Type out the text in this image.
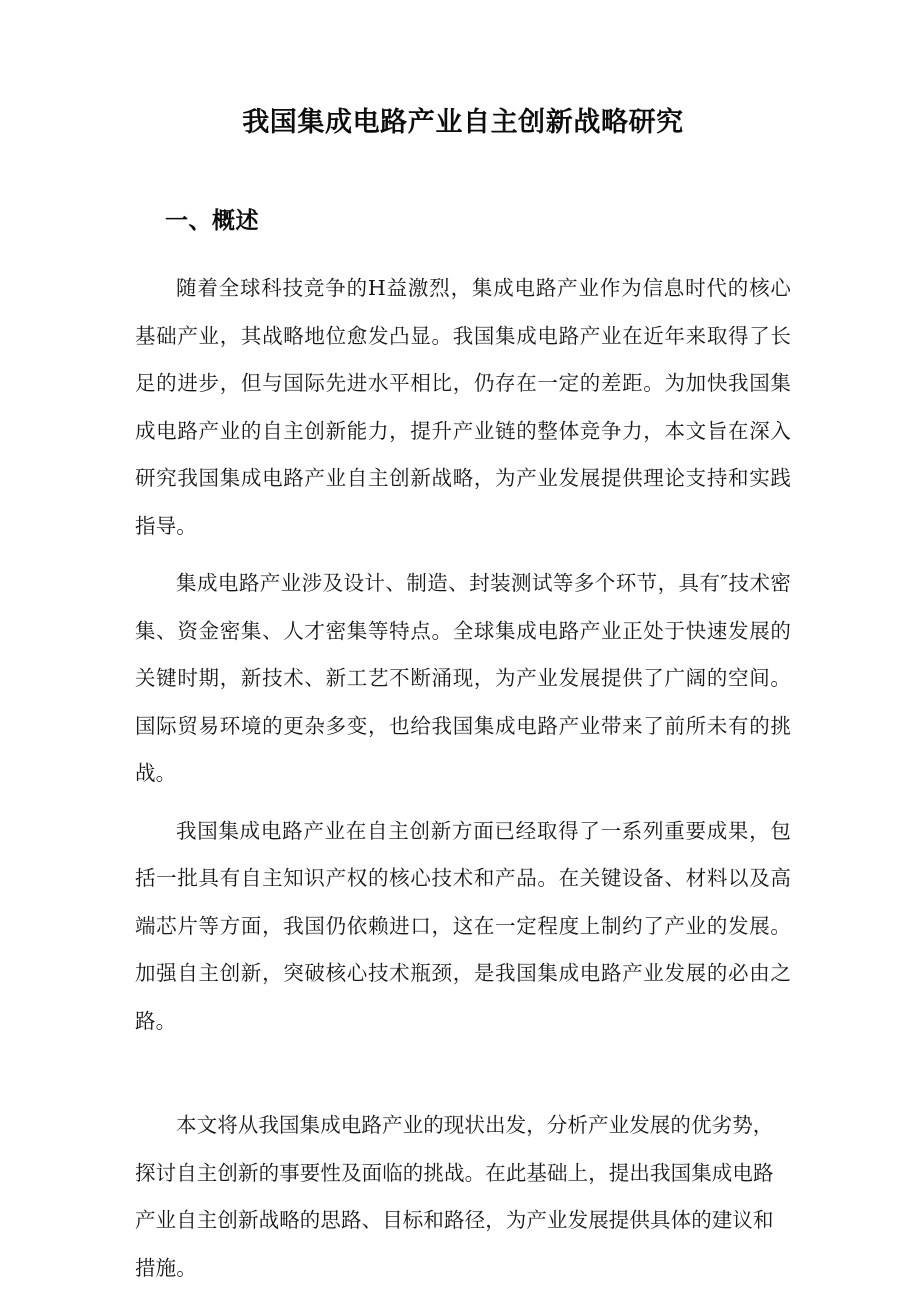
我国集成电路产业自主创新战略研究
一、概述

随着全球科技竞争的H益激烈，集成电路产业作为信息时代的核心基础产业，其战略地位愈发凸显。我国集成电路产业在近年来取得了长足的进步，但与国际先进水平相比，仍存在一定的差距。为加快我国集成电路产业的自主创新能力，提升产业链的整体竞争力，本文旨在深入研究我国集成电路产业自主创新战略，为产业发展提供理论支持和实践指导。

集成电路产业涉及设计、制造、封装测试等多个环节，具有″技术密集、资金密集、人才密集等特点。全球集成电路产业正处于快速发展的关键时期，新技术、新工艺不断涌现，为产业发展提供了广阔的空间。国际贸易环境的更杂多变，也给我国集成电路产业带来了前所未有的挑战。

我国集成电路产业在自主创新方面已经取得了一系列重要成果，包括一批具有自主知识产权的核心技术和产品。在关键设备、材料以及高端芯片等方面，我国仍依赖进口，这在一定程度上制约了产业的发展。加强自主创新，突破核心技术瓶颈，是我国集成电路产业发展的必由之路。

本文将从我国集成电路产业的现状出发，分析产业发展的优劣势，探讨自主创新的事要性及面临的挑战。在此基础上，提出我国集成电路产业自主创新战略的思路、目标和路径，为产业发展提供具体的建议和措施。
